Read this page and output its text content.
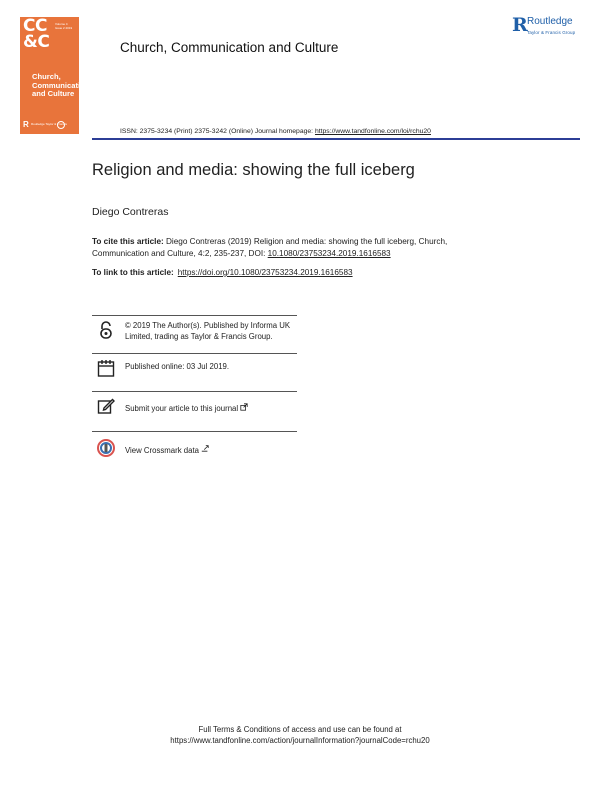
CC
&C
Volume 4 Issue 2 2019
Church,
Communication
and Culture
R Routledge Taylor & Francis
Church, Communication and Culture
R Routledge
Taylor & Francis Group
ISSN: 2375-3234 (Print) 2375-3242 (Online) Journal homepage: https://www.tandfonline.com/loi/rchu20
Religion and media: showing the full iceberg
Diego Contreras
To cite this article: Diego Contreras (2019) Religion and media: showing the full iceberg, Church, Communication and Culture, 4:2, 235-237, DOI: 10.1080/23753234.2019.1616583
To link to this article: https://doi.org/10.1080/23753234.2019.1616583
© 2019 The Author(s). Published by Informa UK Limited, trading as Taylor & Francis Group.
Published online: 03 Jul 2019.
Submit your article to this journal
View Crossmark data
Full Terms & Conditions of access and use can be found at
https://www.tandfonline.com/action/journalInformation?journalCode=rchu20
